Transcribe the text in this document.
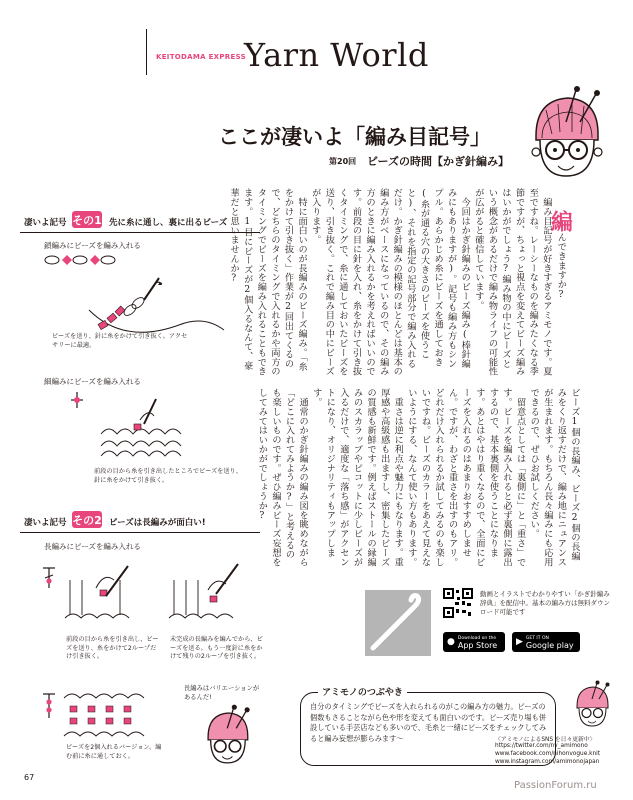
KEITODAMA EXPRESS
Yarn World
ここが凄いよ「編み目記号」
第20回 ビーズの時間【かぎ針編み】
凄いよ記号 その1 先に糸に通し、裏に出るビーズ
鎖編みにビーズを編み入れる
ビーズを送り、針に糸をかけて引き抜く。アクセサリーに最適。
細編みにビーズを編み入れる
前段の目から糸を引き出したところでビーズを送り、針に糸をかけて引き抜く。
凄いよ記号 その2 ビーズは長編みが面白い!
長編みにビーズを編み入れる
前段の目から糸を引き出し、ビーズを送り、糸をかけて2ループだけ引き抜く。
未完成の長編みを編んでから、ビーズを送る。もう一度針に糸をかけて残りの2ループを引き抜く。
ビーズを2個入れるバージョン。編む前に糸に通しておく。
長編みはバリエーションがあるんだ!

編んできますか?
　編み目記号が好きすぎるアミモノです。夏至ですね。レーシーなものを編みたくなる季節ですが、ちょっと視点を変えてビーズ編みはいかがでしょう?編み物の中にビーズという概念があるだけで編み物ライフの可能性が広がると確信しています。
　今回はかぎ針編みのビーズ編み(棒針編みにもありますが)。記号も編み方もシンプル。あらかじめ糸にビーズを通しておき(糸が通る穴の大きさのビーズを使うこと)、それを指定の記号部分で編み入れるだけ。かぎ針編みの模様のほとんどは基本の編み方がベースになっているので、その編み方のときに編み入れるかを考えればいいのです。前段の目に針を入れ、糸をかけて引き抜くタイミングで、糸に通しておいたビーズを送り、引き抜く。これで編み目の中にビーズが入ります。
　特に面白いのが長編みのビーズ編み。「糸をかけて引き抜く」作業が2回出てくるので、どちらのタイミングで入れるかや両方のタイミングでビーズを編み入れることもできます。1目にビーズが2個入るなんて、豪華だと思いませんか?

ビーズ1個の長編み、ビーズ2個の長編みをくり返すだけで、編み地にニュアンスが生まれます。もちろん長々編みにも応用できるので、ぜひお試しください。
　留意点としては「裏側に」と「重さ」です。ビーズを編み入れると必ず裏側に露出するので、基本裏側を使うことになります。あとはやはり重くなるので、全面にビーズを入れるのはあまりおすすめしません。ですが、わざと重さを出すのもアリ。どれだけ入れられるか試してみるのも楽しいですね。ビーズのカラーをあえて見えないようにする、なんて使い方もあります。
　重さは逆に利点や魅力にもなります。重厚感や高級感も出ますし、密集したビーズの質感も新鮮です。例えばストールの縁編みのスカラップやピコットに少しビーズが入るだけで、適度な「落ち感」がアクセントになり、オリジナリティもアップします。
　通常のかぎ針編みの編み図を眺めながら「どこに入れてみようか?」と考えるのも楽しいものです。ぜひ編みビーズ妄想をしてみてはいかがでしょうか?
動画とイラストでわかりやすい「かぎ針編み辞典」を配信中。基本の編み方は無料ダウンロード可能です
● Download on the
App Store ▶ GET IT ON
Google play
アミモノのつぶやき
自分のタイミングでビーズを入れられるのがこの編み方の魅力。ビーズの個数もさることながら色や形を変えても面白いのです。ビーズ売り場も併設している手芸店なども多いので、毛糸と一緒にビーズをチェックしてみると編み妄想が膨らみます〜	〈アミモノによるSNS を日々更新中〉
https://twitter.com/nv_amimono
www.facebook.com/nihonvogue.knit
www.instagram.com/amimonojapan
67
PassionForum.ru
